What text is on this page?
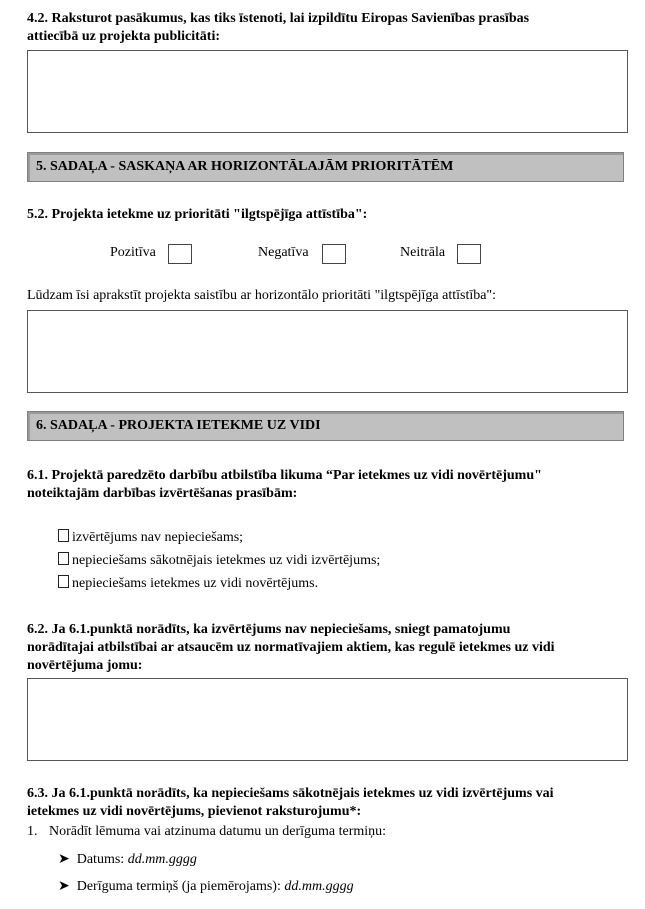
4.2. Raksturot pasākumus, kas tiks īstenoti, lai izpildītu Eiropas Savienības prasības
attiecībā uz projekta publicitāti:
5. SADAĻA - SASKAŅA AR HORIZONTĀLAJĀM PRIORITĀTĒM
5.2. Projekta ietekme uz prioritāti "ilgtspējīga attīstība":
Pozitīva	Negatīva	Neitrāla
Lūdzam īsi aprakstīt projekta saistību ar horizontālo prioritāti "ilgtspējīga attīstība":
6. SADAĻA - PROJEKTA IETEKME UZ VIDI
6.1. Projektā paredzēto darbību atbilstība likuma “Par ietekmes uz vidi novērtējumu"
noteiktajām darbības izvērtēšanas prasībām:
izvērtējums nav nepieciešams;
nepieciešams sākotnējais ietekmes uz vidi izvērtējums;
nepieciešams ietekmes uz vidi novērtējums.
6.2. Ja 6.1.punktā norādīts, ka izvērtējums nav nepieciešams, sniegt pamatojumu
norādītajai atbilstībai ar atsaucēm uz normatīvajiem aktiem, kas regulē ietekmes uz vidi
novērtējuma jomu:
6.3. Ja 6.1.punktā norādīts, ka nepieciešams sākotnējais ietekmes uz vidi izvērtējums vai
ietekmes uz vidi novērtējums, pievienot raksturojumu*:
1. Norādīt lēmuma vai atzinuma datumu un derīguma termiņu:
➤ Datums: dd.mm.gggg
➤ Derīguma termiņš (ja piemērojams): dd.mm.gggg
